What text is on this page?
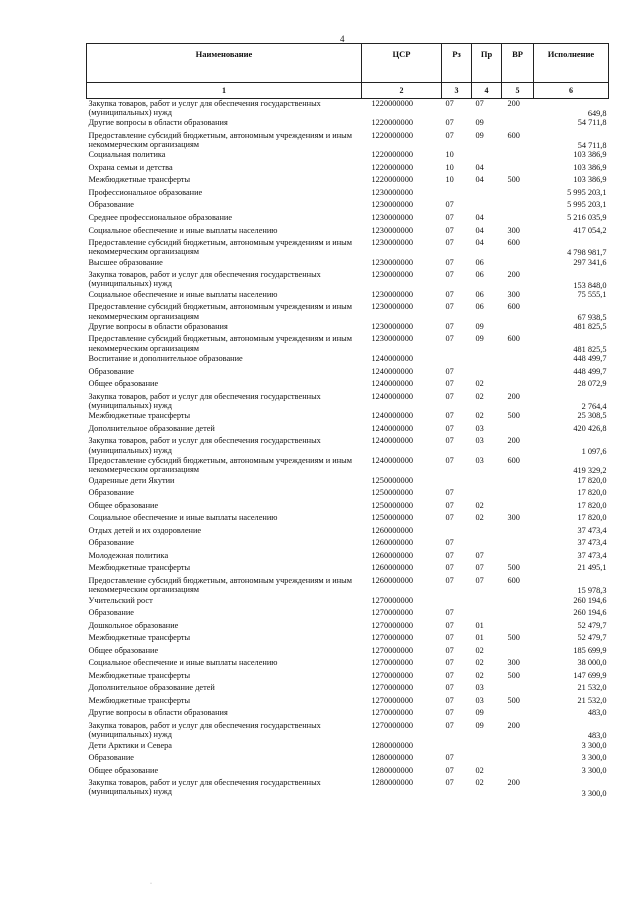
4
Наименование	ЦСР	Рз	Пр	ВР	Исполнение
1	2	3	4	5	6
Закупка товаров, работ и услуг для обеспечения государственных (муниципальных) нужд	1220000000	07	07	200	649,8
Другие вопросы в области образования	1220000000	07	09		54 711,8
Предоставление субсидий бюджетным, автономным учреждениям и иным некоммерческим организациям	1220000000	07	09	600	54 711,8
Социальная политика	1220000000	10			103 386,9
Охрана семьи и детства	1220000000	10	04		103 386,9
Межбюджетные трансферты	1220000000	10	04	500	103 386,9
Профессиональное образование	1230000000				5 995 203,1
Образование	1230000000	07			5 995 203,1
Среднее профессиональное образование	1230000000	07	04		5 216 035,9
Социальное обеспечение и иные выплаты населению	1230000000	07	04	300	417 054,2
Предоставление субсидий бюджетным, автономным учреждениям и иным некоммерческим организациям	1230000000	07	04	600	4 798 981,7
Высшее образование	1230000000	07	06		297 341,6
Закупка товаров, работ и услуг для обеспечения государственных (муниципальных) нужд	1230000000	07	06	200	153 848,0
Социальное обеспечение и иные выплаты населению	1230000000	07	06	300	75 555,1
Предоставление субсидий бюджетным, автономным учреждениям и иным некоммерческим организациям	1230000000	07	06	600	67 938,5
Другие вопросы в области образования	1230000000	07	09		481 825,5
Предоставление субсидий бюджетным, автономным учреждениям и иным некоммерческим организациям	1230000000	07	09	600	481 825,5
Воспитание и дополнительное образование	1240000000				448 499,7
Образование	1240000000	07			448 499,7
Общее образование	1240000000	07	02		28 072,9
Закупка товаров, работ и услуг для обеспечения государственных (муниципальных) нужд	1240000000	07	02	200	2 764,4
Межбюджетные трансферты	1240000000	07	02	500	25 308,5
Дополнительное образование детей	1240000000	07	03		420 426,8
Закупка товаров, работ и услуг для обеспечения государственных (муниципальных) нужд	1240000000	07	03	200	1 097,6
Предоставление субсидий бюджетным, автономным учреждениям и иным некоммерческим организациям	1240000000	07	03	600	419 329,2
Одаренные дети Якутии	1250000000				17 820,0
Образование	1250000000	07			17 820,0
Общее образование	1250000000	07	02		17 820,0
Социальное обеспечение и иные выплаты населению	1250000000	07	02	300	17 820,0
Отдых детей и их оздоровление	1260000000				37 473,4
Образование	1260000000	07			37 473,4
Молодежная политика	1260000000	07	07		37 473,4
Межбюджетные трансферты	1260000000	07	07	500	21 495,1
Предоставление субсидий бюджетным, автономным учреждениям и иным некоммерческим организациям	1260000000	07	07	600	15 978,3
Учительский рост	1270000000				260 194,6
Образование	1270000000	07			260 194,6
Дошкольное образование	1270000000	07	01		52 479,7
Межбюджетные трансферты	1270000000	07	01	500	52 479,7
Общее образование	1270000000	07	02		185 699,9
Социальное обеспечение и иные выплаты населению	1270000000	07	02	300	38 000,0
Межбюджетные трансферты	1270000000	07	02	500	147 699,9
Дополнительное образование детей	1270000000	07	03		21 532,0
Межбюджетные трансферты	1270000000	07	03	500	21 532,0
Другие вопросы в области образования	1270000000	07	09		483,0
Закупка товаров, работ и услуг для обеспечения государственных (муниципальных) нужд	1270000000	07	09	200	483,0
Дети Арктики и Севера	1280000000				3 300,0
Образование	1280000000	07			3 300,0
Общее образование	1280000000	07	02		3 300,0
Закупка товаров, работ и услуг для обеспечения государственных (муниципальных) нужд	1280000000	07	02	200	3 300,0
·
